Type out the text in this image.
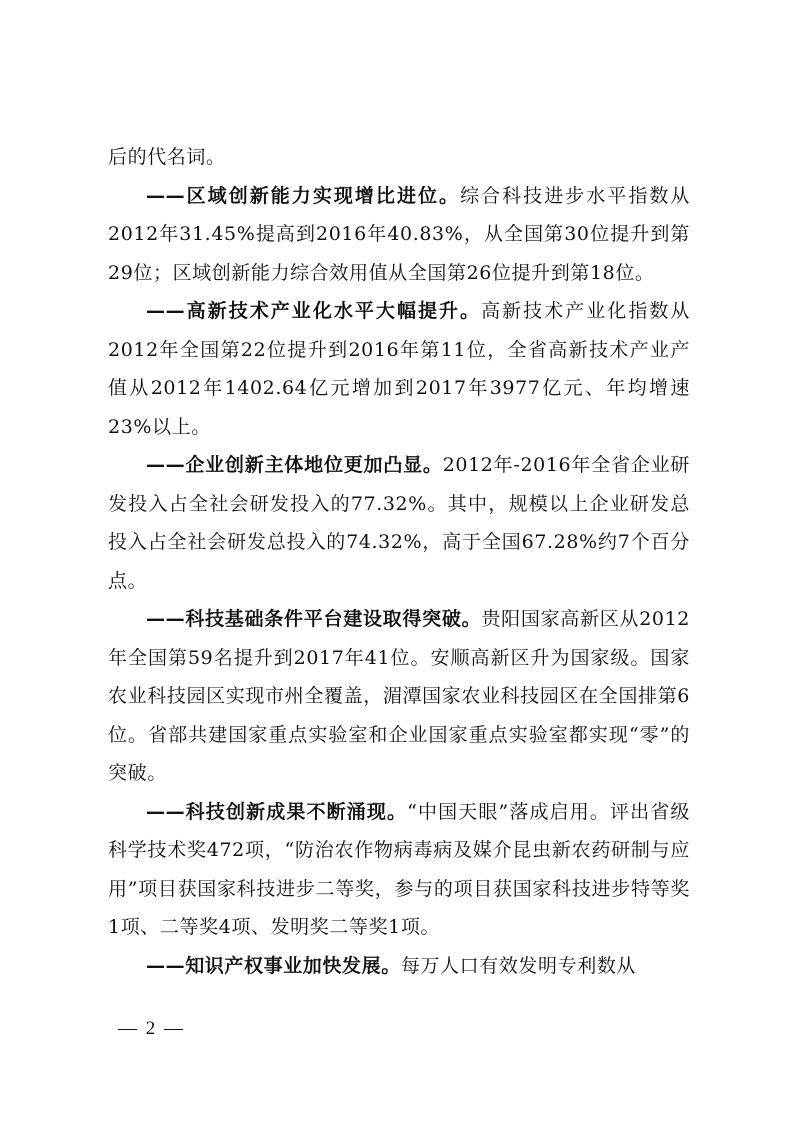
后的代名词。

——区域创新能力实现增比进位。综合科技进步水平指数从2012年31.45%提高到2016年40.83%，从全国第30位提升到第29位；区域创新能力综合效用值从全国第26位提升到第18位。

——高新技术产业化水平大幅提升。高新技术产业化指数从2012年全国第22位提升到2016年第11位，全省高新技术产业产值从2012年1402.64亿元增加到2017年3977亿元、年均增速23%以上。

——企业创新主体地位更加凸显。2012年-2016年全省企业研发投入占全社会研发投入的77.32%。其中，规模以上企业研发总投入占全社会研发总投入的74.32%，高于全国67.28%约7个百分点。

——科技基础条件平台建设取得突破。贵阳国家高新区从2012年全国第59名提升到2017年41位。安顺高新区升为国家级。国家农业科技园区实现市州全覆盖，湄潭国家农业科技园区在全国排第6位。省部共建国家重点实验室和企业国家重点实验室都实现“零”的突破。

——科技创新成果不断涌现。“中国天眼”落成启用。评出省级科学技术奖472项，“防治农作物病毒病及媒介昆虫新农药研制与应用”项目获国家科技进步二等奖，参与的项目获国家科技进步特等奖1项、二等奖4项、发明奖二等奖1项。

——知识产权事业加快发展。每万人口有效发明专利数从

— 2 —
